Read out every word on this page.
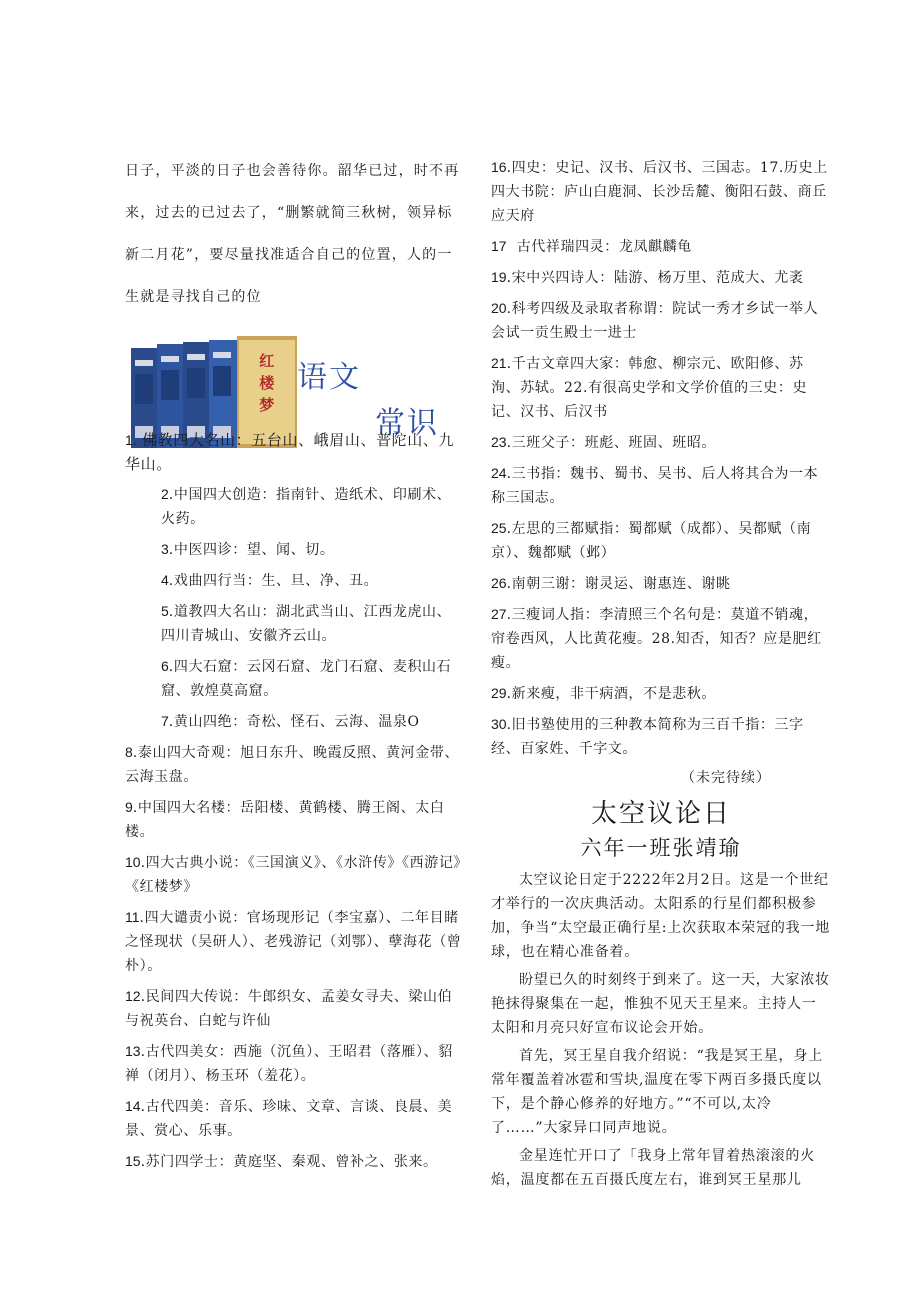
日子，平淡的日子也会善待你。韶华已过，时不再

来，过去的已过去了，“删繁就简三秋树，领异标

新二月花”，要尽量找准适合自己的位置，人的一

生就是寻找自己的位

红
楼
梦
语文
常识
1. 佛教四大名山：五台山、峨眉山、普陀山、九华山。
2.中国四大创造：指南针、造纸术、印刷术、火药。
3.中医四诊：望、闻、切。
4.戏曲四行当：生、旦、净、丑。
5.道教四大名山：湖北武当山、江西龙虎山、四川青城山、安徽齐云山。
6.四大石窟：云冈石窟、龙门石窟、麦积山石窟、敦煌莫高窟。
7.黄山四绝：奇松、怪石、云海、温泉O
8.泰山四大奇观：旭日东升、晚霞反照、黄河金带、云海玉盘。
9.中国四大名楼：岳阳楼、黄鹤楼、腾王阁、太白楼。
10.四大古典小说：《三国演义》、《水浒传》《西游记》《红楼梦》
11.四大谴责小说：官场现形记（李宝嘉）、二年目睹之怪现状（吴研人）、老残游记（刘鄂）、孽海花（曾朴）。
12.民间四大传说：牛郎织女、孟姜女寻夫、梁山伯与祝英台、白蛇与许仙
13.古代四美女：西施（沉鱼）、王昭君（落雁）、貂禅（闭月）、杨玉环（羞花）。
14.古代四美：音乐、珍味、文章、言谈、良晨、美景、赏心、乐事。
15.苏门四学士：黄庭坚、秦观、曾补之、张来。
16.四史：史记、汉书、后汉书、三国志。17.历史上四大书院：庐山白鹿洞、长沙岳麓、衡阳石鼓、商丘应天府
17 古代祥瑞四灵：龙凤麒麟龟
19.宋中兴四诗人：陆游、杨万里、范成大、尤袤
20.科考四级及录取者称谓：院试一秀才乡试一举人会试一贡生殿士一进士
21.千古文章四大家：韩愈、柳宗元、欧阳修、苏洵、苏轼。22.有很高史学和文学价值的三史：史记、汉书、后汉书
23.三班父子：班彪、班固、班昭。
24.三书指：魏书、蜀书、吴书、后人将其合为一本称三国志。
25.左思的三都赋指：蜀都赋（成都）、吴都赋（南京）、魏都赋（邺）
26.南朝三谢：谢灵运、谢惠连、谢眺
27.三瘦词人指：李清照三个名句是：莫道不销魂，帘卷西风，人比黄花瘦。28.知否，知否？应是肥红瘦。
29.新来瘦，非干病酒，不是悲秋。
30.旧书塾使用的三种教本简称为三百千指：三字经、百家姓、千字文。
（未完待续）
太空议论日
六年一班张靖瑜

太空议论日定于2222年2月2日。这是一个世纪才举行的一次庆典活动。太阳系的行星们都积极参加，争当“太空最正确行星:上次获取本荣冠的我一地球，也在精心准备着。

盼望已久的时刻终于到来了。这一天，大家浓妆艳抹得聚集在一起，惟独不见天王星来。主持人一太阳和月亮只好宣布议论会开始。

首先，冥王星自我介绍说：“我是冥王星，身上常年覆盖着冰雹和雪块,温度在零下两百多摄氏度以下，是个静心修养的好地方。”“不可以,太冷了……”大家异口同声地说。

金星连忙开口了「我身上常年冒着热滚滚的火焰，温度都在五百摄氏度左右，谁到冥王星那儿
